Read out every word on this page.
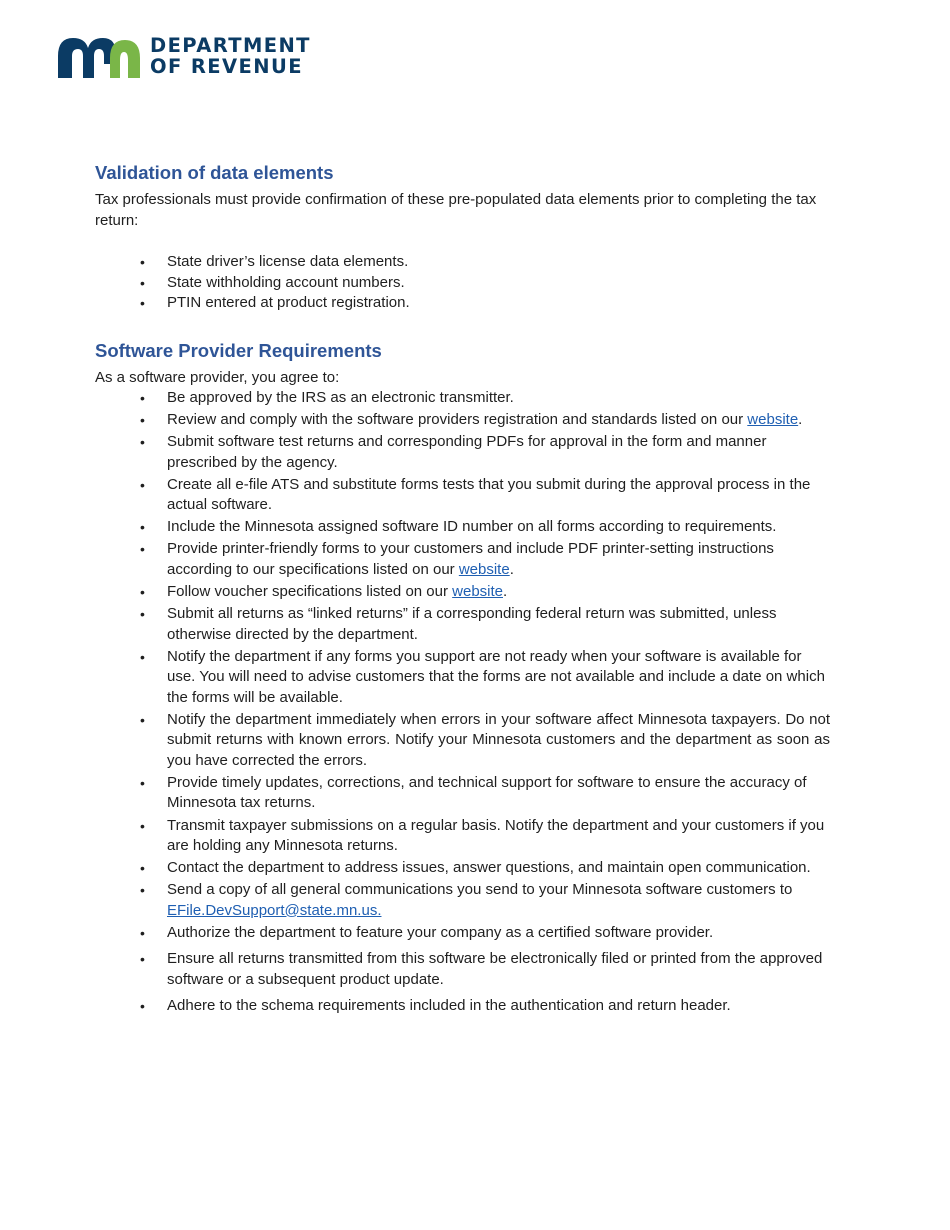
DEPARTMENT
OF REVENUE
Validation of data elements

Tax professionals must provide confirmation of these pre-populated data elements prior to completing the tax return:

• State driver’s license data elements.
• State withholding account numbers.
• PTIN entered at product registration.
Software Provider Requirements

As a software provider, you agree to:

• Be approved by the IRS as an electronic transmitter.
• Review and comply with the software providers registration and standards listed on our website.
• Submit software test returns and corresponding PDFs for approval in the form and manner prescribed by the agency.
• Create all e-file ATS and substitute forms tests that you submit during the approval process in the actual software.
• Include the Minnesota assigned software ID number on all forms according to requirements.
• Provide printer-friendly forms to your customers and include PDF printer-setting instructions according to our specifications listed on our website.
• Follow voucher specifications listed on our website.
• Submit all returns as “linked returns” if a corresponding federal return was submitted, unless otherwise directed by the department.
• Notify the department if any forms you support are not ready when your software is available for use. You will need to advise customers that the forms are not available and include a date on which the forms will be available.
• Notify the department immediately when errors in your software affect Minnesota taxpayers. Do not submit returns with known errors. Notify your Minnesota customers and the department as soon as you have corrected the errors.
• Provide timely updates, corrections, and technical support for software to ensure the accuracy of Minnesota tax returns.
• Transmit taxpayer submissions on a regular basis. Notify the department and your customers if you are holding any Minnesota returns.
• Contact the department to address issues, answer questions, and maintain open communication.
• Send a copy of all general communications you send to your Minnesota software customers to EFile.DevSupport@state.mn.us.
• Authorize the department to feature your company as a certified software provider.
• Ensure all returns transmitted from this software be electronically filed or printed from the approved software or a subsequent product update.
• Adhere to the schema requirements included in the authentication and return header.
